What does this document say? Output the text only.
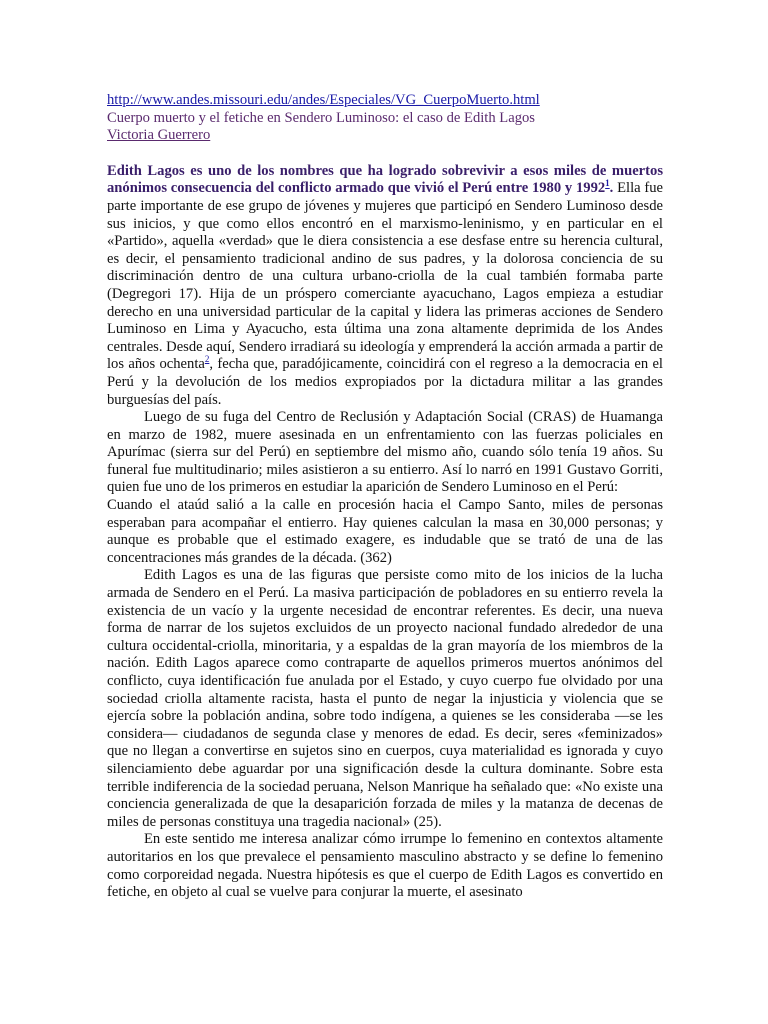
http://www.andes.missouri.edu/andes/Especiales/VG_CuerpoMuerto.html
Cuerpo muerto y el fetiche en Sendero Luminoso: el caso de Edith Lagos
Victoria Guerrero

Edith Lagos es uno de los nombres que ha logrado sobrevivir a esos miles de muertos anónimos consecuencia del conflicto armado que vivió el Perú entre 1980 y 1992$^1$. Ella fue parte importante de ese grupo de jóvenes y mujeres que participó en Sendero Luminoso desde sus inicios, y que como ellos encontró en el marxismo-leninismo, y en particular en el «Partido», aquella «verdad» que le diera consistencia a ese desfase entre su herencia cultural, es decir, el pensamiento tradicional andino de sus padres, y la dolorosa conciencia de su discriminación dentro de una cultura urbano-criolla de la cual también formaba parte (Degregori 17). Hija de un próspero comerciante ayacuchano, Lagos empieza a estudiar derecho en una universidad particular de la capital y lidera las primeras acciones de Sendero Luminoso en Lima y Ayacucho, esta última una zona altamente deprimida de los Andes centrales. Desde aquí, Sendero irradiará su ideología y emprenderá la acción armada a partir de los años ochenta$^2$, fecha que, paradójicamente, coincidirá con el regreso a la democracia en el Perú y la devolución de los medios expropiados por la dictadura militar a las grandes burguesías del país.

Luego de su fuga del Centro de Reclusión y Adaptación Social (CRAS) de Huamanga en marzo de 1982, muere asesinada en un enfrentamiento con las fuerzas policiales en Apurímac (sierra sur del Perú) en septiembre del mismo año, cuando sólo tenía 19 años. Su funeral fue multitudinario; miles asistieron a su entierro. Así lo narró en 1991 Gustavo Gorriti, quien fue uno de los primeros en estudiar la aparición de Sendero Luminoso en el Perú:

Cuando el ataúd salió a la calle en procesión hacia el Campo Santo, miles de personas esperaban para acompañar el entierro. Hay quienes calculan la masa en 30,000 personas; y aunque es probable que el estimado exagere, es indudable que se trató de una de las concentraciones más grandes de la década. (362)

Edith Lagos es una de las figuras que persiste como mito de los inicios de la lucha armada de Sendero en el Perú. La masiva participación de pobladores en su entierro revela la existencia de un vacío y la urgente necesidad de encontrar referentes. Es decir, una nueva forma de narrar de los sujetos excluidos de un proyecto nacional fundado alrededor de una cultura occidental-criolla, minoritaria, y a espaldas de la gran mayoría de los miembros de la nación. Edith Lagos aparece como contraparte de aquellos primeros muertos anónimos del conflicto, cuya identificación fue anulada por el Estado, y cuyo cuerpo fue olvidado por una sociedad criolla altamente racista, hasta el punto de negar la injusticia y violencia que se ejercía sobre la población andina, sobre todo indígena, a quienes se les consideraba —se les considera— ciudadanos de segunda clase y menores de edad. Es decir, seres «feminizados» que no llegan a convertirse en sujetos sino en cuerpos, cuya materialidad es ignorada y cuyo silenciamiento debe aguardar por una significación desde la cultura dominante. Sobre esta terrible indiferencia de la sociedad peruana, Nelson Manrique ha señalado que: «No existe una conciencia generalizada de que la desaparición forzada de miles y la matanza de decenas de miles de personas constituya una tragedia nacional» (25).

En este sentido me interesa analizar cómo irrumpe lo femenino en contextos altamente autoritarios en los que prevalece el pensamiento masculino abstracto y se define lo femenino como corporeidad negada. Nuestra hipótesis es que el cuerpo de Edith Lagos es convertido en fetiche, en objeto al cual se vuelve para conjurar la muerte, el asesinato
